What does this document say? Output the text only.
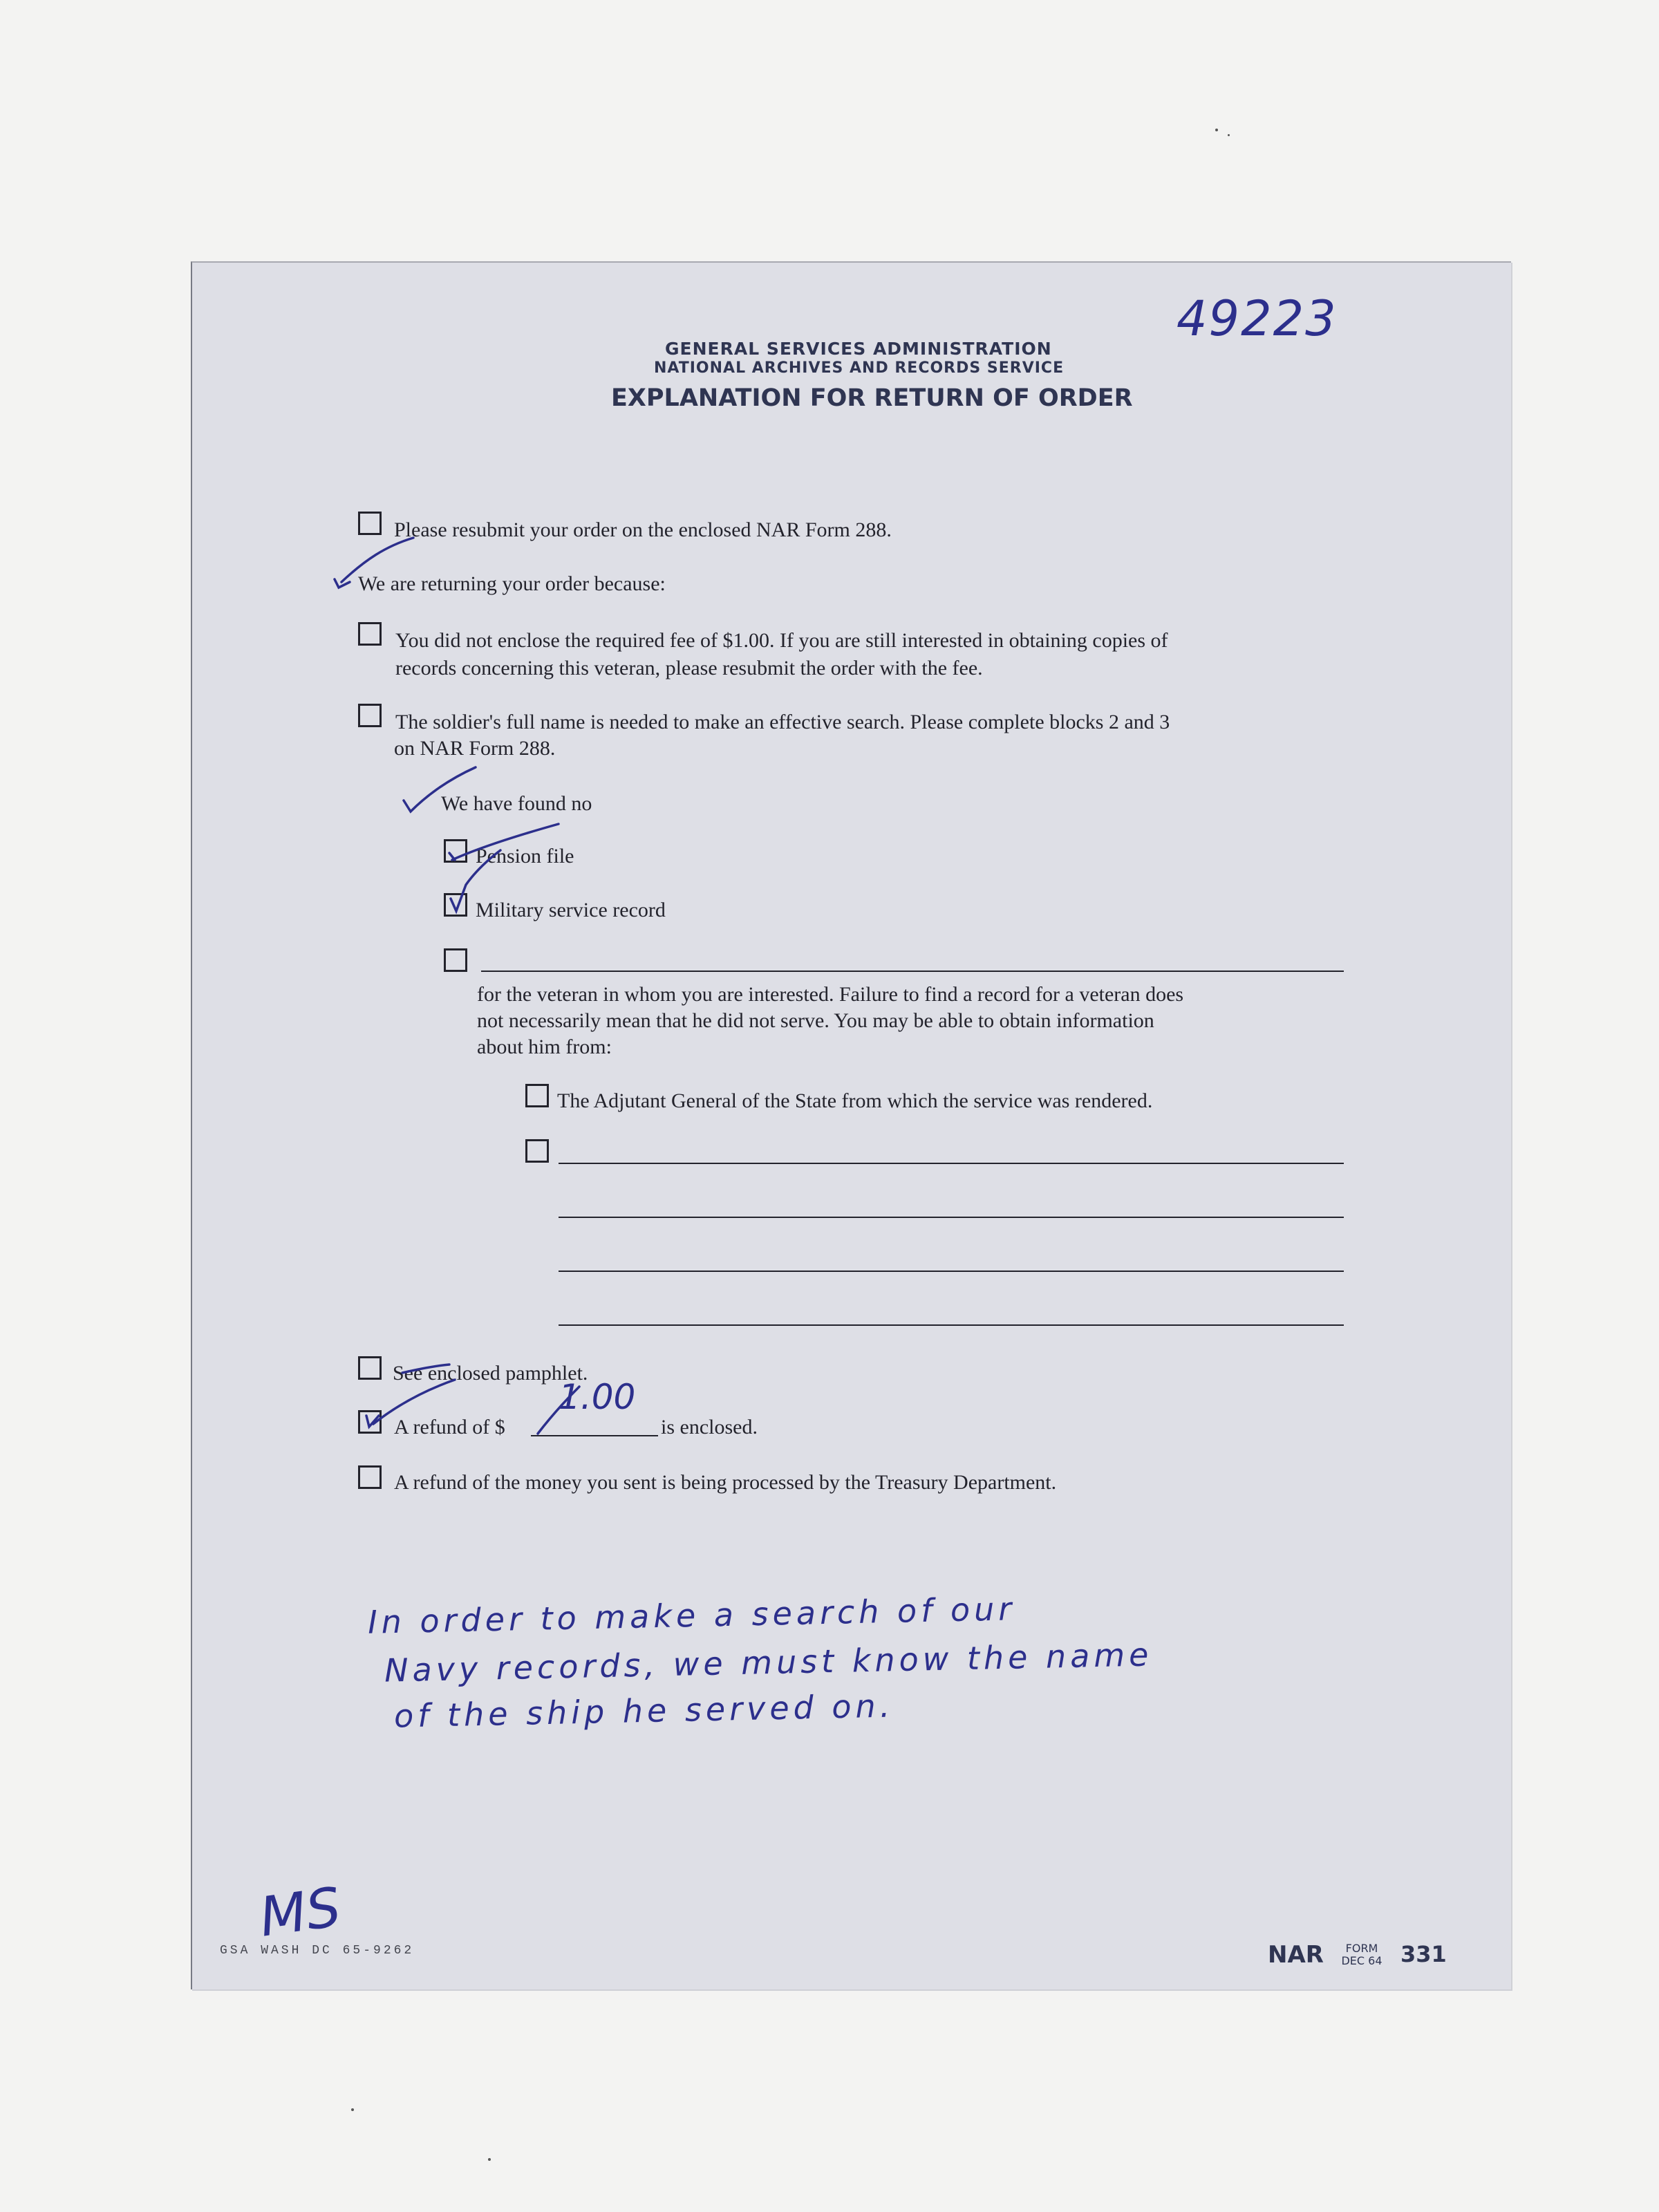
GENERAL SERVICES ADMINISTRATION
NATIONAL ARCHIVES AND RECORDS SERVICE
EXPLANATION FOR RETURN OF ORDER
49223
Please resubmit your order on the enclosed NAR Form 288.
We are returning your order because:
You did not enclose the required fee of $1.00. If you are still interested in obtaining copies of
records concerning this veteran, please resubmit the order with the fee.
The soldier's full name is needed to make an effective search. Please complete blocks 2 and 3
on NAR Form 288.
We have found no
Pension file
Military service record
for the veteran in whom you are interested. Failure to find a record for a veteran does
not necessarily mean that he did not serve. You may be able to obtain information
about him from:
The Adjutant General of the State from which the service was rendered.
See enclosed pamphlet.
A refund of $
1.00
is enclosed.
A refund of the money you sent is being processed by the Treasury Department.
In order to make a search of our
Navy records, we must know the name
of the ship he served on.
MS
GSA WASH DC 65-9262	NAR	FORM
DEC 64 331
